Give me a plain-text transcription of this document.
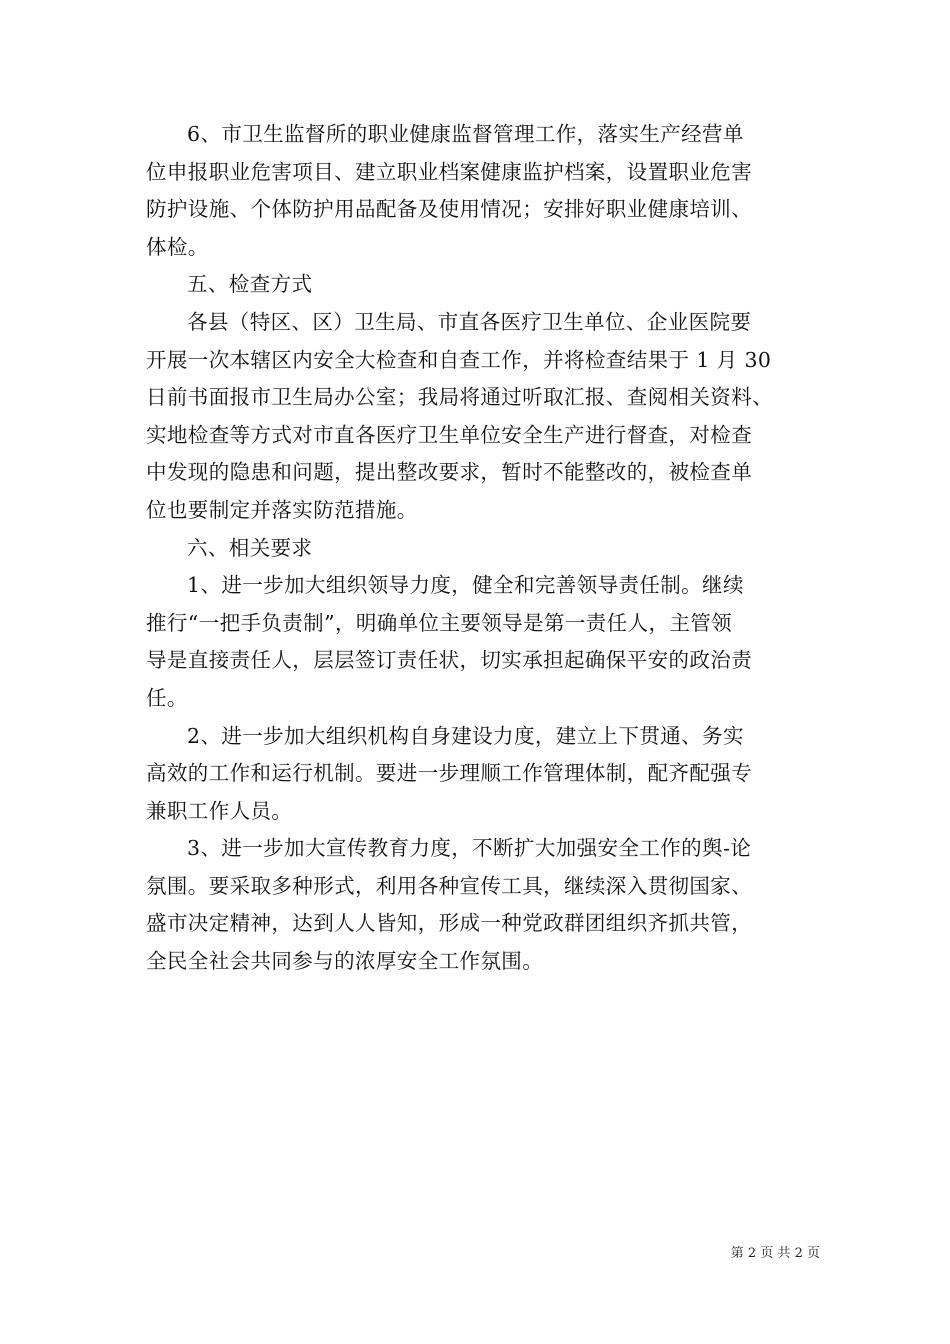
6、市卫生监督所的职业健康监督管理工作，落实生产经营单
位申报职业危害项目、建立职业档案健康监护档案，设置职业危害
防护设施、个体防护用品配备及使用情况；安排好职业健康培训、
体检。
五、检查方式
各县（特区、区）卫生局、市直各医疗卫生单位、企业医院要
开展一次本辖区内安全大检查和自查工作，并将检查结果于 1 月 30
日前书面报市卫生局办公室；我局将通过听取汇报、查阅相关资料、
实地检查等方式对市直各医疗卫生单位安全生产进行督查，对检查
中发现的隐患和问题，提出整改要求，暂时不能整改的，被检查单
位也要制定并落实防范措施。
六、相关要求
1、进一步加大组织领导力度，健全和完善领导责任制。继续
推行“一把手负责制”，明确单位主要领导是第一责任人，主管领
导是直接责任人，层层签订责任状，切实承担起确保平安的政治责
任。
2、进一步加大组织机构自身建设力度，建立上下贯通、务实
高效的工作和运行机制。要进一步理顺工作管理体制，配齐配强专
兼职工作人员。
3、进一步加大宣传教育力度，不断扩大加强安全工作的舆-论
氛围。要采取多种形式，利用各种宣传工具，继续深入贯彻国家、
盛市决定精神，达到人人皆知，形成一种党政群团组织齐抓共管，
全民全社会共同参与的浓厚安全工作氛围。
第 2 页 共 2 页
